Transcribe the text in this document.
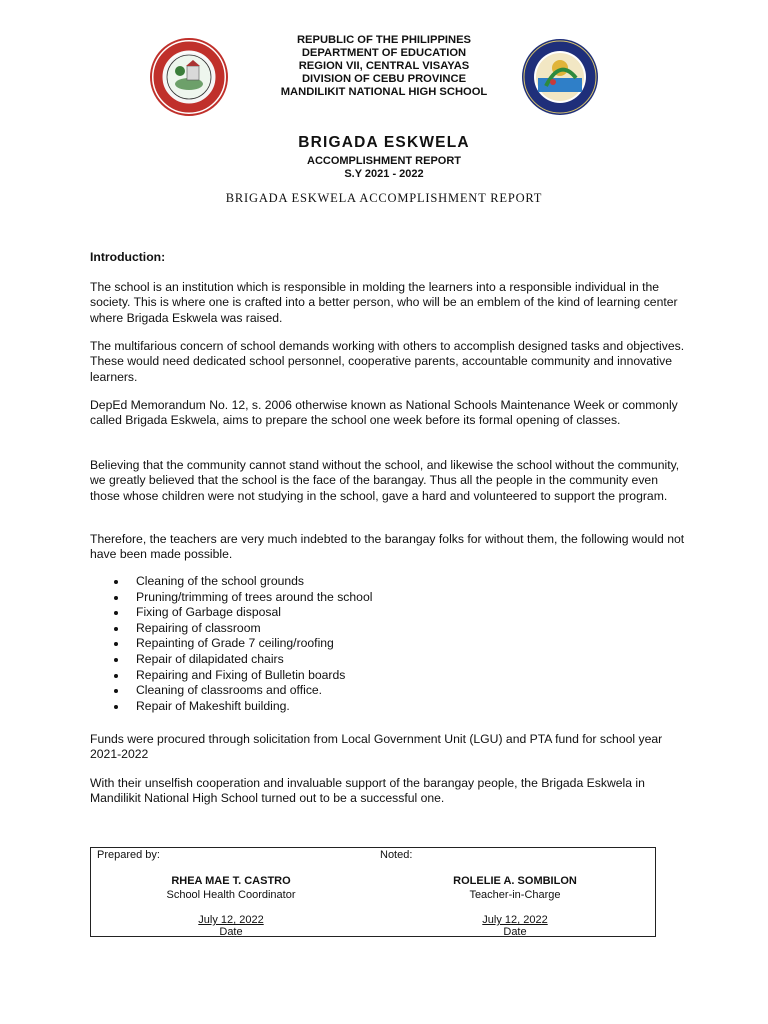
REPUBLIC OF THE PHILIPPINES
DEPARTMENT OF EDUCATION
REGION VII, CENTRAL VISAYAS
DIVISION OF CEBU PROVINCE
MANDILIKIT NATIONAL HIGH SCHOOL
BRIGADA ESKWELA
ACCOMPLISHMENT REPORT
S.Y 2021 - 2022
BRIGADA ESKWELA ACCOMPLISHMENT REPORT
Introduction:
The school is an institution which is responsible in molding the learners into a responsible individual in the society. This is where one is crafted into a better person, who will be an emblem of the kind of learning center where Brigada Eskwela was raised.
The multifarious concern of school demands working with others to accomplish designed tasks and objectives. These would need dedicated school personnel, cooperative parents, accountable community and innovative learners.
DepEd Memorandum No. 12, s. 2006 otherwise known as National Schools Maintenance Week or commonly called Brigada Eskwela, aims to prepare the school one week before its formal opening of classes.
Believing that the community cannot stand without the school, and likewise the school without the community, we greatly believed that the school is the face of the barangay. Thus all the people in the community even those whose children were not studying in the school, gave a hard and volunteered to support the program.
Therefore, the teachers are very much indebted to the barangay folks for without them, the following would not have been made possible.
Cleaning of the school grounds
Pruning/trimming of trees around the school
Fixing of Garbage disposal
Repairing of classroom
Repainting of Grade 7 ceiling/roofing
Repair of dilapidated chairs
Repairing and Fixing of Bulletin boards
Cleaning of classrooms and office.
Repair of Makeshift building.
Funds were procured through solicitation from Local Government Unit (LGU) and PTA fund for school year 2021-2022
With their unselfish cooperation and invaluable support of the barangay people, the Brigada Eskwela in Mandilikit National High School turned out to be a successful one.
Prepared by:	Noted:
RHEA MAE T. CASTRO
School Health Coordinator
July 12, 2022
Date
ROLELIE A. SOMBILON
Teacher-in-Charge
July 12, 2022
Date
